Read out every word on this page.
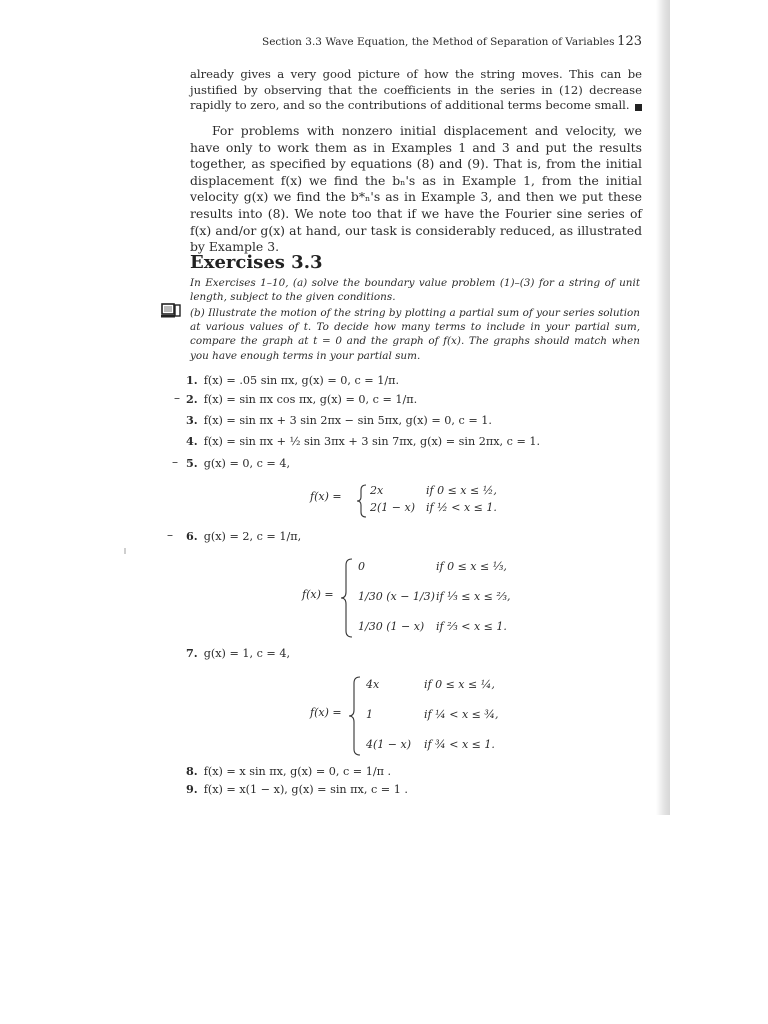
Section 3.3 Wave Equation, the Method of Separation of Variables 123
already gives a very good picture of how the string moves. This can be justified by observing that the coefficients in the series in (12) decrease rapidly to zero, and so the contributions of additional terms become small.
For problems with nonzero initial displacement and velocity, we have only to work them as in Examples 1 and 3 and put the results together, as specified by equations (8) and (9). That is, from the initial displacement f(x) we find the bₙ's as in Example 1, from the initial velocity g(x) we find the b*ₙ's as in Example 3, and then we put these results into (8). We note too that if we have the Fourier sine series of f(x) and/or g(x) at hand, our task is considerably reduced, as illustrated by Example 3.
Exercises 3.3
In Exercises 1–10, (a) solve the boundary value problem (1)–(3) for a string of unit length, subject to the given conditions.
(b) Illustrate the motion of the string by plotting a partial sum of your series solution at various values of t. To decide how many terms to include in your partial sum, compare the graph at t = 0 and the graph of f(x). The graphs should match when you have enough terms in your partial sum.
1. f(x) = .05 sin πx, g(x) = 0, c = 1/π.
– 2. f(x) = sin πx cos πx, g(x) = 0, c = 1/π.
3. f(x) = sin πx + 3 sin 2πx − sin 5πx, g(x) = 0, c = 1.
4. f(x) = sin πx + ½ sin 3πx + 3 sin 7πx, g(x) = sin 2πx, c = 1.
– 5. g(x) = 0, c = 4,
f(x) =	2x	if 0 ≤ x ≤ ½,
2(1 − x) if ½ < x ≤ 1.
– 6. g(x) = 2, c = 1/π,
f(x) =
0	if 0 ≤ x ≤ ⅓,
1/30 (x − 1/3) if ⅓ ≤ x ≤ ⅔,
1/30 (1 − x) if ⅔ < x ≤ 1.
7. g(x) = 1, c = 4,
f(x) =
4x	if 0 ≤ x ≤ ¼,
1	if ¼ < x ≤ ¾,
4(1 − x) if ¾ < x ≤ 1.
8. f(x) = x sin πx, g(x) = 0, c = 1/π .
9. f(x) = x(1 − x), g(x) = sin πx, c = 1 .
